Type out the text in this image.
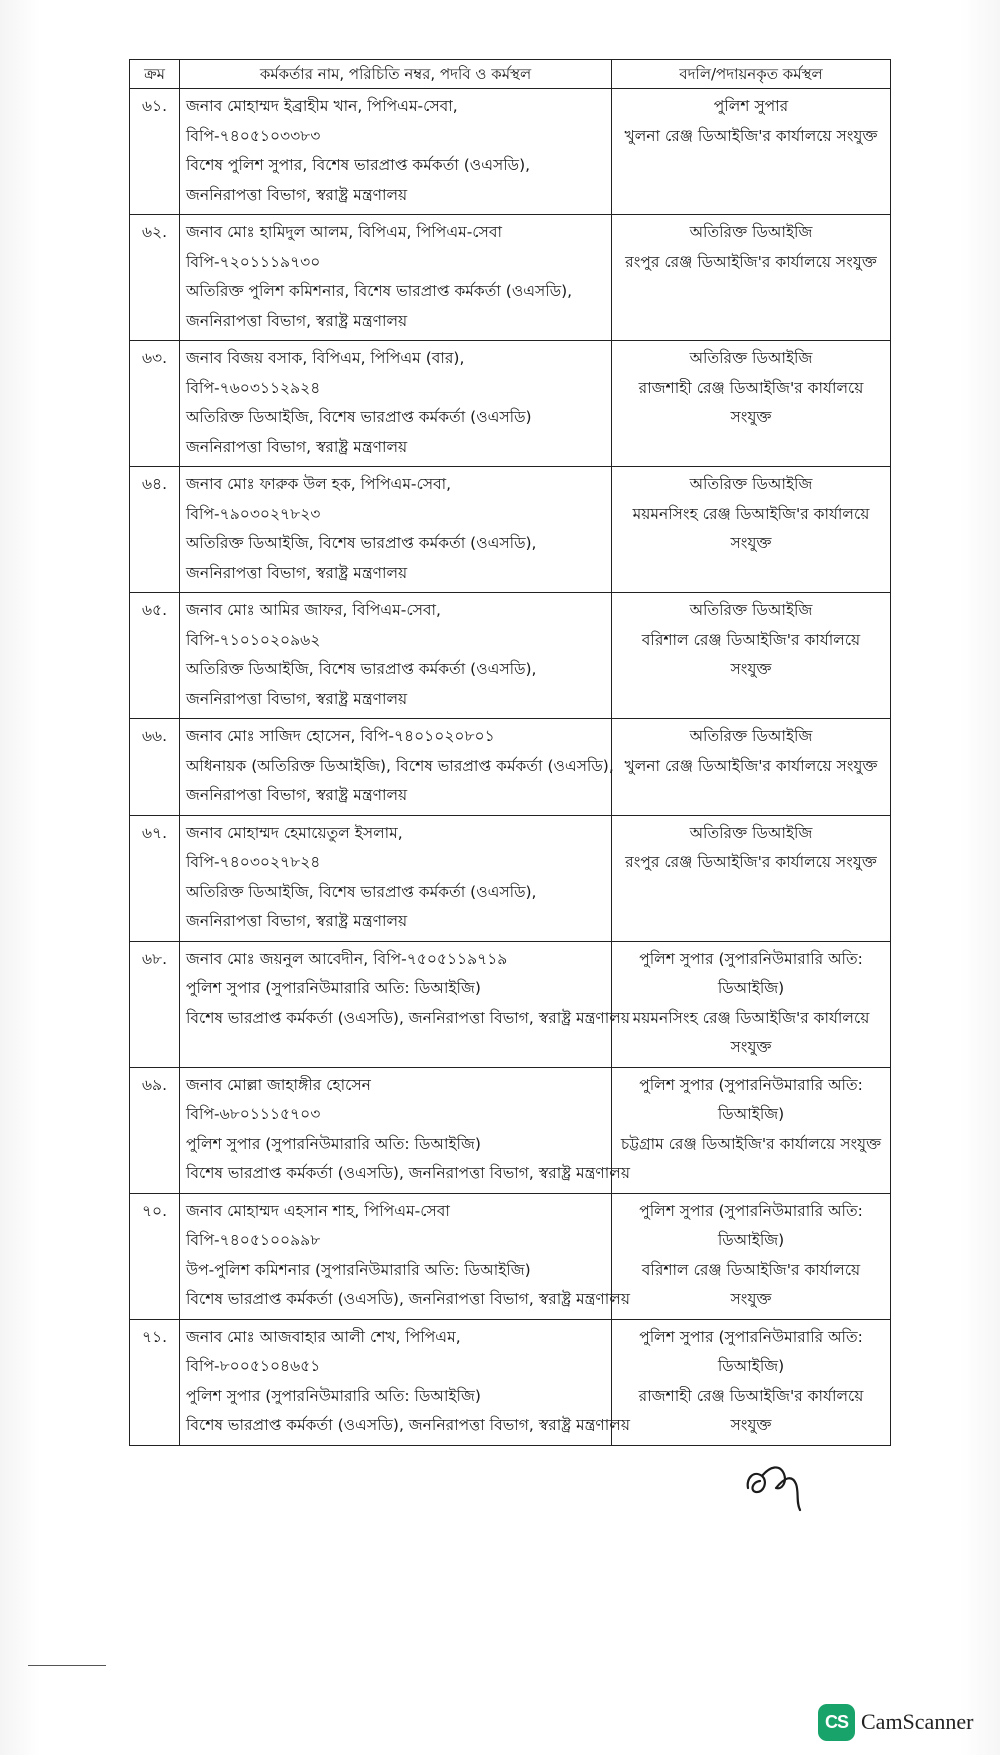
ক্রম	কর্মকর্তার নাম, পরিচিতি নম্বর, পদবি ও কর্মস্থল	বদলি/পদায়নকৃত কর্মস্থল

৬১.	জনাব মোহাম্মদ ইব্রাহীম খান, পিপিএম-সেবা,
বিপি-৭৪০৫১০৩৩৮৩
বিশেষ পুলিশ সুপার, বিশেষ ভারপ্রাপ্ত কর্মকর্তা (ওএসডি),
জননিরাপত্তা বিভাগ, স্বরাষ্ট্র মন্ত্রণালয়	পুলিশ সুপার
খুলনা রেঞ্জ ডিআইজি'র কার্যালয়ে সংযুক্ত

৬২.	জনাব মোঃ হামিদুল আলম, বিপিএম, পিপিএম-সেবা
বিপি-৭২০১১১৯৭৩০
অতিরিক্ত পুলিশ কমিশনার, বিশেষ ভারপ্রাপ্ত কর্মকর্তা (ওএসডি),
জননিরাপত্তা বিভাগ, স্বরাষ্ট্র মন্ত্রণালয়	অতিরিক্ত ডিআইজি
রংপুর রেঞ্জ ডিআইজি'র কার্যালয়ে সংযুক্ত

৬৩.	জনাব বিজয় বসাক, বিপিএম, পিপিএম (বার),
বিপি-৭৬০৩১১২৯২৪
অতিরিক্ত ডিআইজি, বিশেষ ভারপ্রাপ্ত কর্মকর্তা (ওএসডি)
জননিরাপত্তা বিভাগ, স্বরাষ্ট্র মন্ত্রণালয়	অতিরিক্ত ডিআইজি
রাজশাহী রেঞ্জ ডিআইজি'র কার্যালয়ে
সংযুক্ত

৬৪.	জনাব মোঃ ফারুক উল হক, পিপিএম-সেবা,
বিপি-৭৯০৩০২৭৮২৩
অতিরিক্ত ডিআইজি, বিশেষ ভারপ্রাপ্ত কর্মকর্তা (ওএসডি),
জননিরাপত্তা বিভাগ, স্বরাষ্ট্র মন্ত্রণালয়	অতিরিক্ত ডিআইজি
ময়মনসিংহ রেঞ্জ ডিআইজি'র কার্যালয়ে
সংযুক্ত

৬৫.	জনাব মোঃ আমির জাফর, বিপিএম-সেবা,
বিপি-৭১০১০২০৯৬২
অতিরিক্ত ডিআইজি, বিশেষ ভারপ্রাপ্ত কর্মকর্তা (ওএসডি),
জননিরাপত্তা বিভাগ, স্বরাষ্ট্র মন্ত্রণালয়	অতিরিক্ত ডিআইজি
বরিশাল রেঞ্জ ডিআইজি'র কার্যালয়ে
সংযুক্ত

৬৬.	জনাব মোঃ সাজিদ হোসেন, বিপি-৭৪০১০২০৮০১
অধিনায়ক (অতিরিক্ত ডিআইজি), বিশেষ ভারপ্রাপ্ত কর্মকর্তা (ওএসডি),
জননিরাপত্তা বিভাগ, স্বরাষ্ট্র মন্ত্রণালয়	অতিরিক্ত ডিআইজি
খুলনা রেঞ্জ ডিআইজি'র কার্যালয়ে সংযুক্ত

৬৭.	জনাব মোহাম্মদ হেমায়েতুল ইসলাম,
বিপি-৭৪০৩০২৭৮২৪
অতিরিক্ত ডিআইজি, বিশেষ ভারপ্রাপ্ত কর্মকর্তা (ওএসডি),
জননিরাপত্তা বিভাগ, স্বরাষ্ট্র মন্ত্রণালয়	অতিরিক্ত ডিআইজি
রংপুর রেঞ্জ ডিআইজি'র কার্যালয়ে সংযুক্ত

৬৮.	জনাব মোঃ জয়নুল আবেদীন, বিপি-৭৫০৫১১৯৭১৯
পুলিশ সুপার (সুপারনিউমারারি অতি: ডিআইজি)
বিশেষ ভারপ্রাপ্ত কর্মকর্তা (ওএসডি), জননিরাপত্তা বিভাগ, স্বরাষ্ট্র মন্ত্রণালয়	পুলিশ সুপার (সুপারনিউমারারি অতি:
ডিআইজি)
ময়মনসিংহ রেঞ্জ ডিআইজি'র কার্যালয়ে
সংযুক্ত

৬৯.	জনাব মোল্লা জাহাঙ্গীর হোসেন
বিপি-৬৮০১১১৫৭০৩
পুলিশ সুপার (সুপারনিউমারারি অতি: ডিআইজি)
বিশেষ ভারপ্রাপ্ত কর্মকর্তা (ওএসডি), জননিরাপত্তা বিভাগ, স্বরাষ্ট্র মন্ত্রণালয়	পুলিশ সুপার (সুপারনিউমারারি অতি:
ডিআইজি)
চট্টগ্রাম রেঞ্জ ডিআইজি'র কার্যালয়ে সংযুক্ত

৭০.	জনাব মোহাম্মদ এহসান শাহ, পিপিএম-সেবা
বিপি-৭৪০৫১০০৯৯৮
উপ-পুলিশ কমিশনার (সুপারনিউমারারি অতি: ডিআইজি)
বিশেষ ভারপ্রাপ্ত কর্মকর্তা (ওএসডি), জননিরাপত্তা বিভাগ, স্বরাষ্ট্র মন্ত্রণালয়	পুলিশ সুপার (সুপারনিউমারারি অতি:
ডিআইজি)
বরিশাল রেঞ্জ ডিআইজি'র কার্যালয়ে
সংযুক্ত

৭১.	জনাব মোঃ আজবাহার আলী শেখ, পিপিএম,
বিপি-৮০০৫১০৪৬৫১
পুলিশ সুপার (সুপারনিউমারারি অতি: ডিআইজি)
বিশেষ ভারপ্রাপ্ত কর্মকর্তা (ওএসডি), জননিরাপত্তা বিভাগ, স্বরাষ্ট্র মন্ত্রণালয়	পুলিশ সুপার (সুপারনিউমারারি অতি:
ডিআইজি)
রাজশাহী রেঞ্জ ডিআইজি'র কার্যালয়ে
সংযুক্ত
CS CamScanner
